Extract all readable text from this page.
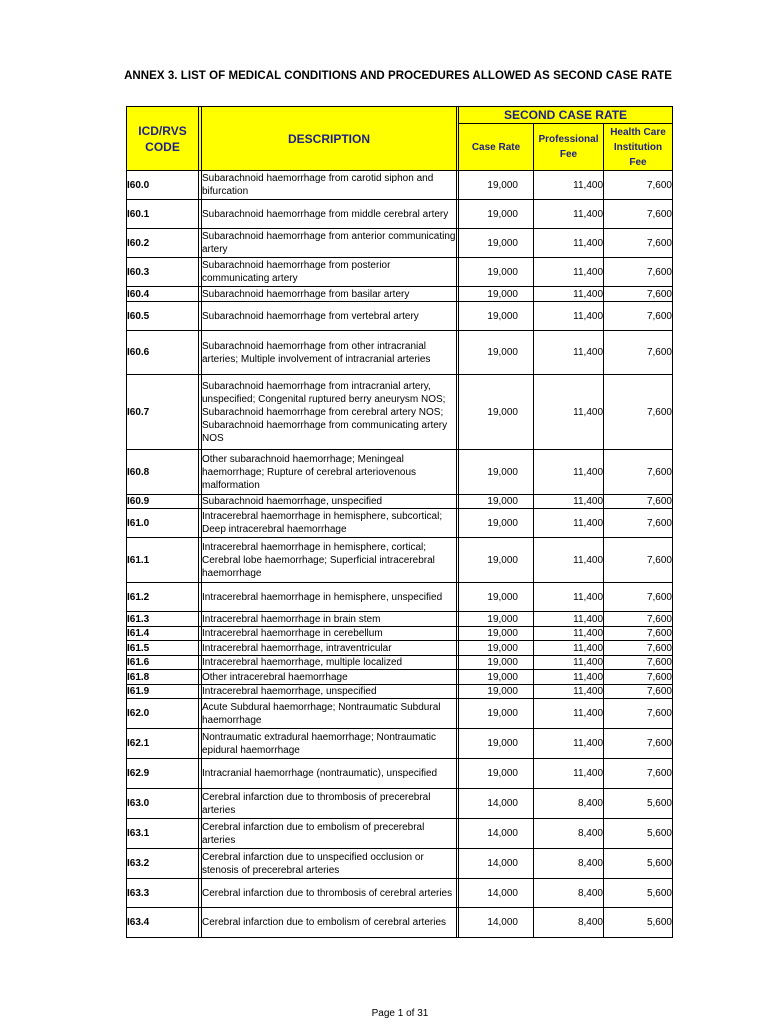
ANNEX 3. LIST OF MEDICAL CONDITIONS AND PROCEDURES ALLOWED AS SECOND CASE RATE
ICD/RVS CODE		DESCRIPTION		SECOND CASE RATE		
				Case Rate	Professional Fee	Health Care Institution Fee
I60.0		Subarachnoid haemorrhage from carotid siphon and bifurcation		19,000	11,400	7,600
I60.1		Subarachnoid haemorrhage from middle cerebral artery		19,000	11,400	7,600
I60.2		Subarachnoid haemorrhage from anterior communicating artery		19,000	11,400	7,600
I60.3		Subarachnoid haemorrhage from posterior communicating artery		19,000	11,400	7,600
I60.4		Subarachnoid haemorrhage from basilar artery		19,000	11,400	7,600
I60.5		Subarachnoid haemorrhage from vertebral artery		19,000	11,400	7,600
I60.6		Subarachnoid haemorrhage from other intracranial arteries; Multiple involvement of intracranial arteries		19,000	11,400	7,600
I60.7		Subarachnoid haemorrhage from intracranial artery, unspecified; Congenital ruptured berry aneurysm NOS; Subarachnoid haemorrhage from cerebral artery NOS; Subarachnoid haemorrhage from communicating artery NOS		19,000	11,400	7,600
I60.8		Other subarachnoid haemorrhage; Meningeal haemorrhage; Rupture of cerebral arteriovenous malformation		19,000	11,400	7,600
I60.9		Subarachnoid haemorrhage, unspecified		19,000	11,400	7,600
I61.0		Intracerebral haemorrhage in hemisphere, subcortical; Deep intracerebral haemorrhage		19,000	11,400	7,600
I61.1		Intracerebral haemorrhage in hemisphere, cortical; Cerebral lobe haemorrhage; Superficial intracerebral haemorrhage		19,000	11,400	7,600
I61.2		Intracerebral haemorrhage in hemisphere, unspecified		19,000	11,400	7,600
I61.3		Intracerebral haemorrhage in brain stem		19,000	11,400	7,600
I61.4		Intracerebral haemorrhage in cerebellum		19,000	11,400	7,600
I61.5		Intracerebral haemorrhage, intraventricular		19,000	11,400	7,600
I61.6		Intracerebral haemorrhage, multiple localized		19,000	11,400	7,600
I61.8		Other intracerebral haemorrhage		19,000	11,400	7,600
I61.9		Intracerebral haemorrhage, unspecified		19,000	11,400	7,600
I62.0		Acute Subdural haemorrhage; Nontraumatic Subdural haemorrhage		19,000	11,400	7,600
I62.1		Nontraumatic extradural haemorrhage; Nontraumatic epidural haemorrhage		19,000	11,400	7,600
I62.9		Intracranial haemorrhage (nontraumatic), unspecified		19,000	11,400	7,600
I63.0		Cerebral infarction due to thrombosis of precerebral arteries		14,000	8,400	5,600
I63.1		Cerebral infarction due to embolism of precerebral arteries		14,000	8,400	5,600
I63.2		Cerebral infarction due to unspecified occlusion or stenosis of precerebral arteries		14,000	8,400	5,600
I63.3		Cerebral infarction due to thrombosis of cerebral arteries		14,000	8,400	5,600
I63.4		Cerebral infarction due to embolism of cerebral arteries		14,000	8,400	5,600
Page 1 of 31
